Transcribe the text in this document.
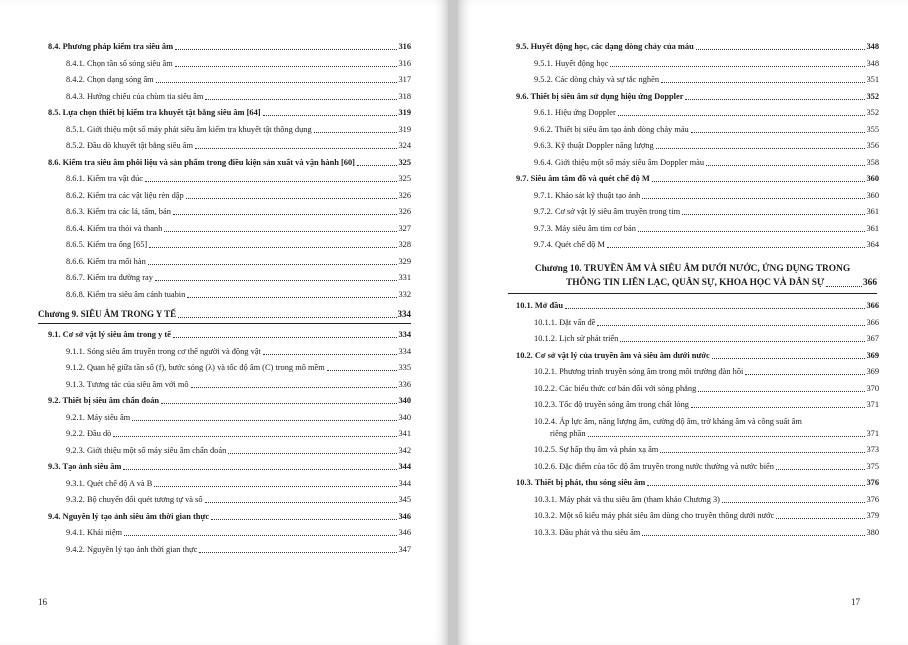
8.4. Phương pháp kiểm tra siêu âm	316
8.4.1. Chọn tần số sóng siêu âm	316
8.4.2. Chọn dạng sóng âm	317
8.4.3. Hướng chiếu của chùm tia siêu âm	318
8.5. Lựa chọn thiết bị kiểm tra khuyết tật bằng siêu âm [64]	319
8.5.1. Giới thiệu một số máy phát siêu âm kiểm tra khuyết tật thông dụng	319
8.5.2. Đầu dò khuyết tật bằng siêu âm	324
8.6. Kiểm tra siêu âm phôi liệu và sản phẩm trong điều kiện sản xuất và vận hành [60]	325
8.6.1. Kiểm tra vật đúc	325
8.6.2. Kiểm tra các vật liệu rèn dập	326
8.6.3. Kiểm tra các lá, tấm, bản	326
8.6.4. Kiểm tra thỏi và thanh	327
8.6.5. Kiểm tra ống [65]	328
8.6.6. Kiểm tra mối hàn	329
8.6.7. Kiểm tra đường ray	331
8.6.8. Kiểm tra siêu âm cánh tuabin	332
Chương 9. SIÊU ÂM TRONG Y TẾ	334
9.1. Cơ sở vật lý siêu âm trong y tế	334
9.1.1. Sóng siêu âm truyền trong cơ thể người và động vật	334
9.1.2. Quan hệ giữa tần số (f), bước sóng (λ) và tốc độ âm (C) trong mô mềm	335
9.1.3. Tương tác của siêu âm với mô	336
9.2. Thiết bị siêu âm chẩn đoán	340
9.2.1. Máy siêu âm	340
9.2.2. Đầu dò	341
9.2.3. Giới thiệu một số máy siêu âm chẩn đoán	342
9.3. Tạo ảnh siêu âm	344
9.3.1. Quét chế độ A và B	344
9.3.2. Bộ chuyển đổi quét tương tự và số	345
9.4. Nguyên lý tạo ảnh siêu âm thời gian thực	346
9.4.1. Khái niệm	346
9.4.2. Nguyên lý tạo ảnh thời gian thực	347
16
9.5. Huyết động học, các dạng dòng chảy của máu	348
9.5.1. Huyết động học	348
9.5.2. Các dòng chảy và sự tắc nghẽn	351
9.6. Thiết bị siêu âm sử dụng hiệu ứng Doppler	352
9.6.1. Hiệu ứng Doppler	352
9.6.2. Thiết bị siêu âm tạo ảnh dòng chảy máu	355
9.6.3. Kỹ thuật Doppler năng lượng	356
9.6.4. Giới thiệu một số máy siêu âm Doppler màu	358
9.7. Siêu âm tâm đồ và quét chế độ M	360
9.7.1. Khảo sát kỹ thuật tạo ảnh	360
9.7.2. Cơ sở vật lý siêu âm truyền trong tim	361
9.7.3. Máy siêu âm tim cơ bản	361
9.7.4. Quét chế độ M	364
Chương 10. TRUYỀN ÂM VÀ SIÊU ÂM DƯỚI NƯỚC, ỨNG DỤNG TRONG
THÔNG TIN LIÊN LẠC, QUÂN SỰ, KHOA HỌC VÀ DÂN SỰ	366
10.1. Mở đầu	366
10.1.1. Đặt vấn đề	366
10.1.2. Lịch sử phát triển	367
10.2. Cơ sở vật lý của truyền âm và siêu âm dưới nước	369
10.2.1. Phương trình truyền sóng âm trong môi trường đàn hồi	369
10.2.2. Các biểu thức cơ bản đối với sóng phẳng	370
10.2.3. Tốc độ truyền sóng âm trong chất lỏng	371
10.2.4. Áp lực âm, năng lượng âm, cường độ âm, trở kháng âm và công suất âm
riêng phần	371
10.2.5. Sự hấp thụ âm và phản xạ âm	373
10.2.6. Đặc điểm của tốc độ âm truyền trong nước thường và nước biển	375
10.3. Thiết bị phát, thu sóng siêu âm	376
10.3.1. Máy phát và thu siêu âm (tham khảo Chương 3)	376
10.3.2. Một số kiểu máy phát siêu âm dùng cho truyền thông dưới nước	379
10.3.3. Đầu phát và thu siêu âm	380
17
